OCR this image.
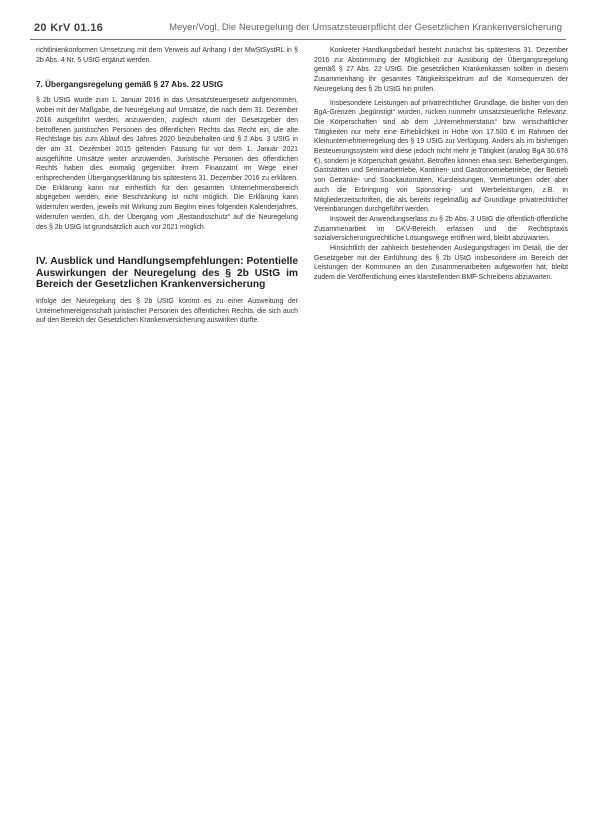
20 KrV 01.16	Meyer/Vogl, Die Neuregelung der Umsatzsteuerpflicht der Gesetzlichen Krankenversicherung

richtlinienkonformen Umsetzung mit dem Verweis auf Anhang I der MwStSystRL in § 2b Abs. 4 Nr. 5 UStG ergänzt werden.

7. Übergangsregelung gemäß § 27 Abs. 22 UStG

§ 2b UStG wurde zum 1. Januar 2016 in das Umsatzsteuergesetz aufgenommen, wobei mit der Maßgabe, die Neuregelung auf Umsätze, die nach dem 31. Dezember 2016 ausgeführt werden, anzuwenden, zugleich räumt der Gesetzgeber den betroffenen juristischen Personen des öffentlichen Rechts das Recht ein, die alte Rechtslage bis zum Ablauf des Jahres 2020 beizubehalten und § 2 Abs. 3 UStG in der am 31. Dezember 2015 geltenden Fassung für vor dem 1. Januar 2021 ausgeführte Umsätze weiter anzuwenden. Juristische Personen des öffentlichen Rechts haben dies einmalig gegenüber ihrem Finanzamt im Wege einer entsprechenden Übergangserklärung bis spätestens 31. Dezember 2016 zu erklären. Die Erklärung kann nur einheitlich für den gesamten Unternehmensbereich abgegeben werden, eine Beschränkung ist nicht möglich. Die Erklärung kann widerrufen werden, jeweils mit Wirkung zum Beginn eines folgenden Kalenderjahres, widerrufen werden, d.h. der Übergang vom „Bestandsschutz“ auf die Neuregelung des § 2b UStG ist grundsätzlich auch vor 2021 möglich.

IV. Ausblick und Handlungsempfehlungen: Potentielle Auswirkungen der Neuregelung des § 2b UStG im Bereich der Gesetzlichen Krankenversicherung

Infolge der Neuregelung des § 2b UStG kommt es zu einer Ausweitung der Unternehmereigenschaft juristischer Personen des öffentlichen Rechts, die sich auch auf den Bereich der Gesetzlichen Krankenversicherung auswirken dürfte.

Konkreter Handlungsbedarf besteht zunächst bis spätestens 31. Dezember 2016 zur Abstimmung der Möglichkeit zur Ausübung der Übergangsregelung gemäß § 27 Abs. 22 UStG. Die gesetzlichen Krankenkassen sollten in diesem Zusammenhang ihr gesamtes Tätigkeitsspektrum auf die Konsequenzen der Neuregelung des § 2b UStG hin prüfen.

Insbesondere Leistungen auf privatrechtlicher Grundlage, die bisher von den BgA-Grenzen „begünstigt“ wurden, rücken nunmehr umsatzsteuerliche Relevanz. Die Körperschaften sind ab dem „Unternehmerstatus“ bzw. wirtschaftlicher Tätigkeiten nur mehr eine Erheblichkeit in Höhe von 17.500 € im Rahmen der Kleinunternehmerregelung des § 19 UStG zur Verfügung. Anders als im bisherigen Besteuerungssystem wird diese jedoch nicht mehr je Tätigkeit (analog BgA 30.678 €), sondern je Körperschaft gewährt. Betroffen können etwa sein: Beherbergungen, Gaststätten und Seminarbetriebe, Kantinen- und Gastronomiebetriebe, der Betrieb von Getränke- und Snackautomaten, Kursleistungen, Vermietungen oder aber auch die Erbringung von Sponsoring- und Werbeleistungen, z.B. in Mitgliederzeitschriften, die als bereits regelmäßig auf Grundlage privatrechtlicher Vereinbarungen durchgeführt werden.

Insoweit der Anwendungserlass zu § 2b Abs. 3 UStG die öffentlich-öffentliche Zusammenarbeit im GKV-Bereich erfassen und die Rechtspraxis sozialversicherungsrechtliche Lösungswege eröffnen wird, bleibt abzuwarten.

Hinsichtlich der zahlreich bestehenden Auslegungsfragen im Detail, die der Gesetzgeber mit der Einführung des § 2b UStG insbesondere im Bereich der Leistungen der Kommunen an den Zusammenarbeiten aufgeworfen hat, bleibt zudem die Veröffentlichung eines klarstellenden BMF-Schreibens abzuwarten.
